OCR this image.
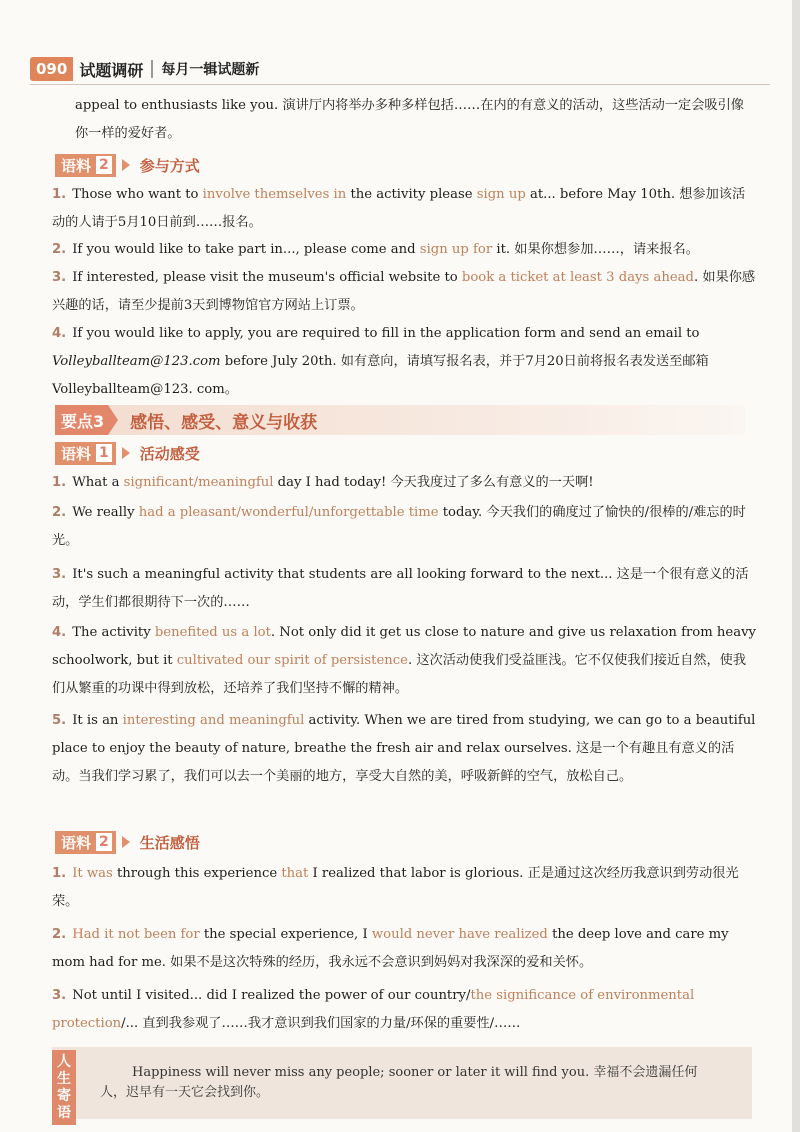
090 试题调研	每月一辑试题新
appeal to enthusiasts like you. 演讲厅内将举办多种多样包括……在内的有意义的活动，这些活动一定会吸引像你一样的爱好者。
语料 2 参与方式
1. Those who want to involve themselves in the activity please sign up at... before May 10th. 想参加该活动的人请于5月10日前到……报名。
2. If you would like to take part in..., please come and sign up for it. 如果你想参加……，请来报名。
3. If interested, please visit the museum's official website to book a ticket at least 3 days ahead. 如果你感兴趣的话，请至少提前3天到博物馆官方网站上订票。
4. If you would like to apply, you are required to fill in the application form and send an email to Volleyballteam@123.com before July 20th. 如有意向，请填写报名表，并于7月20日前将报名表发送至邮箱 Volleyballteam@123. com。
要点3 感悟、感受、意义与收获
语料 1 活动感受
1. What a significant/meaningful day I had today! 今天我度过了多么有意义的一天啊!
2. We really had a pleasant/wonderful/unforgettable time today. 今天我们的确度过了愉快的/很棒的/难忘的时光。
3. It's such a meaningful activity that students are all looking forward to the next... 这是一个很有意义的活动，学生们都很期待下一次的……
4. The activity benefited us a lot. Not only did it get us close to nature and give us relaxation from heavy schoolwork, but it cultivated our spirit of persistence. 这次活动使我们受益匪浅。它不仅使我们接近自然，使我们从繁重的功课中得到放松，还培养了我们坚持不懈的精神。
5. It is an interesting and meaningful activity. When we are tired from studying, we can go to a beautiful place to enjoy the beauty of nature, breathe the fresh air and relax ourselves. 这是一个有趣且有意义的活动。当我们学习累了，我们可以去一个美丽的地方，享受大自然的美，呼吸新鲜的空气，放松自己。
语料 2 生活感悟
1. It was through this experience that I realized that labor is glorious. 正是通过这次经历我意识到劳动很光荣。
2. Had it not been for the special experience, I would never have realized the deep love and care my mom had for me. 如果不是这次特殊的经历，我永远不会意识到妈妈对我深深的爱和关怀。
3. Not until I visited... did I realized the power of our country/the significance of environmental protection/... 直到我参观了……我才意识到我们国家的力量/环保的重要性/……
人
生
寄
语
Happiness will never miss any people; sooner or later it will find you. 幸福不会遗漏任何人，迟早有一天它会找到你。
